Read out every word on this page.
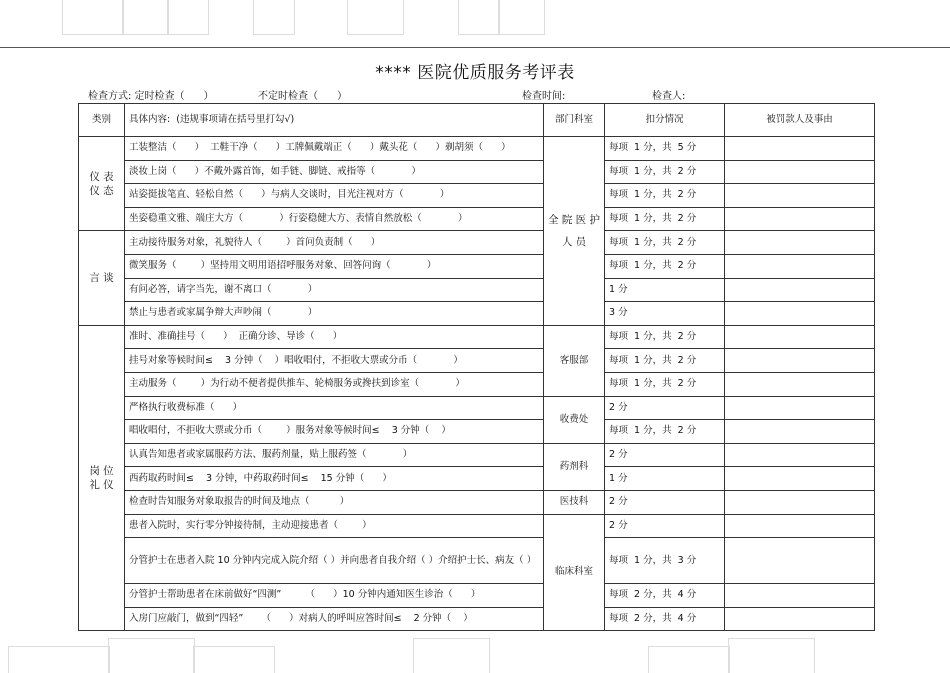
**** 医院优质服务考评表
检查方式: 定时检查（      ）	不定时检查（      ）	检查时间:	检查人:
类别	具体内容:  (违规事项请在括号里打勾√)	部门科室	扣分情况	被罚款人及事由
仪 表 仪 态	工装整洁（      ）  工鞋干净（      ）工牌佩戴端正（      ）戴头花（      ）剃胡须（      ）	全 院 医 护 人 员	每项  1 分，共  5 分	
	淡妆上岗（      ）不戴外露首饰，如手链、脚链、戒指等（            ）		每项  1 分，共  2 分	
	站姿挺拔笔直、轻松自然（      ）与病人交谈时，目光注视对方（            ）		每项  1 分，共  2 分	
	坐姿稳重文雅、端庄大方（            ）行姿稳健大方、表情自然放松（            ）		每项  1 分，共  2 分	
言 谈	主动接待服务对象，礼貌待人（        ）首问负责制（      ）		每项  1 分，共  2 分	
	微笑服务（        ）坚持用文明用语招呼服务对象、回答问询（            ）		每项  1 分，共  2 分	
	有问必答，请字当先，谢不离口（            ）		1 分	
	禁止与患者或家属争辩大声吵闹（            ）		3 分	
岗 位 礼 仪	准时、准确挂号（      ）  正确分诊、导诊（      ）	客服部	每项  1 分，共  2 分	
	挂号对象等候时间≤    3 分钟（    ）唱收唱付，不拒收大票或分币（            ）		每项  1 分，共  2 分	
	主动服务（        ）为行动不便者提供推车、轮椅服务或搀扶到诊室（            ）		每项  1 分，共  2 分	
	严格执行收费标准（      ）	收费处	2 分	
	唱收唱付，不拒收大票或分币（        ）服务对象等候时间≤    3 分钟（    ）		每项  1 分，共  2 分	
	认真告知患者或家属服药方法、服药剂量，贴上服药签（            ）	药剂科	2 分	
	西药取药时间≤    3 分钟，中药取药时间≤    15 分钟（      ）		1 分	
	检查时告知服务对象取报告的时间及地点（          ）	医技科	2 分	
	患者入院时，实行零分钟接待制，主动迎接患者（        ）	临床科室	2 分	
	分管护士在患者入院 10 分钟内完成入院介绍（ ）并向患者自我介绍（ ）介绍护士长、病友（ ）		每项  1 分，共  3 分	
	分管护士帮助患者在床前做好“四测”        （      ）10 分钟内通知医生诊治（      ）		每项  2 分，共  4 分	
	入房门应敲门，做到“四轻”      （      ）对病人的呼叫应答时间≤    2 分钟（    ）		每项  2 分，共  4 分	
